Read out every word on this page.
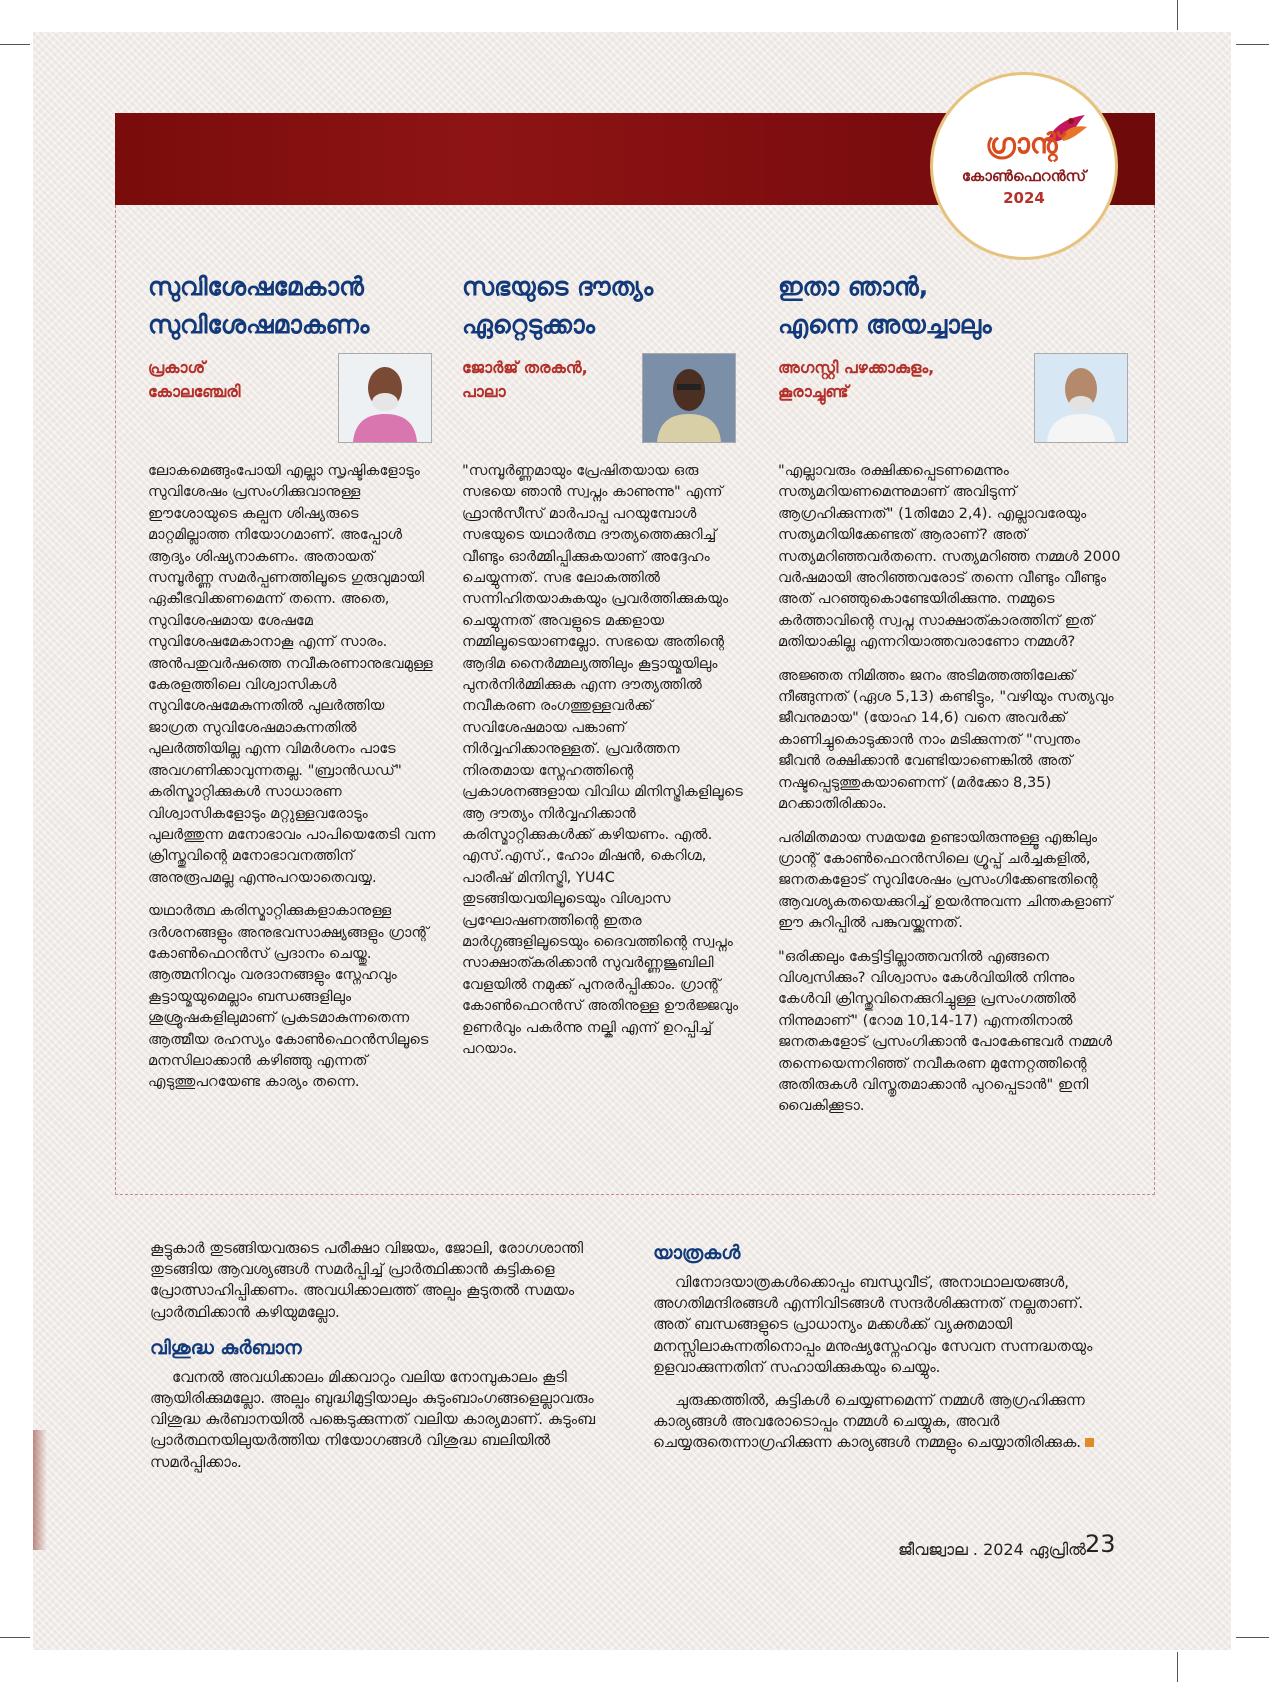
ഗ്രാന്റ്
കോൺഫെറൻസ്
2024
സുവിശേഷമേകാൻ
സുവിശേഷമാകണം
പ്രകാശ്
കോലഞ്ചേരി

ലോകമെങ്ങുംപോയി എല്ലാ സൃഷ്ടികളോടും സുവിശേഷം പ്രസംഗിക്കുവാനുള്ള ഈശോയുടെ കല്പന ശിഷ്യരുടെ മാറ്റമില്ലാത്ത നിയോഗമാണ്. അപ്പോൾ ആദ്യം ശിഷ്യനാകണം. അതായത് സമ്പൂർണ്ണ സമർപ്പണത്തിലൂടെ ഗുരുവുമായി ഏകീഭവിക്കണമെന്ന് തന്നെ. അതെ, സുവിശേഷമായ ശേഷമേ സുവിശേഷമേകാനാകൂ എന്ന് സാരം. അൻപതുവർഷത്തെ നവീകരണാനുഭവമുള്ള കേരളത്തിലെ വിശ്വാസികൾ സുവിശേഷമേകുന്നതിൽ പുലർത്തിയ ജാഗ്രത സുവിശേഷമാകുന്നതിൽ പുലർത്തിയില്ല എന്ന വിമർശനം പാടേ അവഗണിക്കാവുന്നതല്ല. "ബ്രാൻഡഡ്" കരിസ്മാറ്റിക്കുകൾ സാധാരണ വിശ്വാസികളോടും മറ്റുള്ളവരോടും പുലർത്തുന്ന മനോഭാവം പാപിയെതേടി വന്ന ക്രിസ്തുവിന്റെ മനോഭാവനത്തിന് അനുരൂപമല്ല എന്നുപറയാതെവയ്യ.

യഥാർത്ഥ കരിസ്മാറ്റിക്കുകളാകാനുള്ള ദർശനങ്ങളും അനുഭവസാക്ഷ്യങ്ങളും ഗ്രാന്റ് കോൺഫെറൻസ് പ്രദാനം ചെയ്തു. ആത്മനിറവും വരദാനങ്ങളും സ്നേഹവും കൂട്ടായ്മയുമെല്ലാം ബന്ധങ്ങളിലും ശുശ്രൂഷകളിലുമാണ് പ്രകടമാകുന്നതെന്ന ആത്മീയ രഹസ്യം കോൺഫെറൻസിലൂടെ മനസിലാക്കാൻ കഴിഞ്ഞു എന്നത് എടുത്തുപറയേണ്ട കാര്യം തന്നെ.

സഭയുടെ ദൗത്യം
ഏറ്റെടുക്കാം
ജോർജ് തരകൻ,
പാലാ

"സമ്പൂർണ്ണമായും പ്രേഷിതയായ ഒരു സഭയെ ഞാൻ സ്വപ്നം കാണുന്നു" എന്ന് ഫ്രാൻസീസ് മാർപാപ്പ പറയുമ്പോൾ സഭയുടെ യഥാർത്ഥ ദൗത്യത്തെക്കുറിച്ച് വീണ്ടും ഓർമ്മിപ്പിക്കുകയാണ് അദ്ദേഹം ചെയ്യുന്നത്. സഭ ലോകത്തിൽ സന്നിഹിതയാകുകയും പ്രവർത്തിക്കുകയും ചെയ്യുന്നത് അവളുടെ മക്കളായ നമ്മിലൂടെയാണല്ലോ. സഭയെ അതിന്റെ ആദിമ നൈർമ്മല്യത്തിലും കൂട്ടായ്മയിലും പുനർനിർമ്മിക്കുക എന്ന ദൗത്യത്തിൽ നവീകരണ രംഗത്തുള്ളവർക്ക് സവിശേഷമായ പങ്കാണ് നിർവ്വഹിക്കാനുള്ളത്. പ്രവർത്തന നിരതമായ സ്നേഹത്തിന്റെ പ്രകാശനങ്ങളായ വിവിധ മിനിസ്ട്രികളിലൂടെ ആ ദൗത്യം നിർവ്വഹിക്കാൻ കരിസ്മാറ്റിക്കുകൾക്ക് കഴിയണം. എൽ. എസ്.എസ്., ഹോം മിഷൻ, കെറിഗ്മ, പാരീഷ് മിനിസ്ട്രി, YU4C തുടങ്ങിയവയിലൂടെയും വിശ്വാസ പ്രഘോഷണത്തിന്റെ ഇതര മാർഗ്ഗങ്ങളിലൂടെയും ദൈവത്തിന്റെ സ്വപ്നം സാക്ഷാത്കരിക്കാൻ സുവർണ്ണജൂബിലി വേളയിൽ നമുക്ക് പുനരർപ്പിക്കാം. ഗ്രാന്റ് കോൺഫെറൻസ് അതിനുള്ള ഊർജ്ജവും ഉണർവും പകർന്നു നല്കി എന്ന് ഉറപ്പിച്ച് പറയാം.

ഇതാ ഞാൻ,
എന്നെ അയച്ചാലും
അഗസ്റ്റി പഴക്കാകുളം,
കൂരാച്ചുണ്ട്

"എല്ലാവരും രക്ഷിക്കപ്പെടണമെന്നും സത്യമറിയണമെന്നുമാണ് അവിടുന്ന് ആഗ്രഹിക്കുന്നത്" (1തിമോ 2,4). എല്ലാവരേയും സത്യമറിയിക്കേണ്ടത് ആരാണ്? അത് സത്യമറിഞ്ഞവർതന്നെ. സത്യമറിഞ്ഞ നമ്മൾ 2000 വർഷമായി അറിഞ്ഞവരോട് തന്നെ വീണ്ടും വീണ്ടും അത് പറഞ്ഞുകൊണ്ടേയിരിക്കുന്നു. നമ്മുടെ കർത്താവിന്റെ സ്വപ്ന സാക്ഷാത്കാരത്തിന് ഇത് മതിയാകില്ല എന്നറിയാത്തവരാണോ നമ്മൾ?

അജ്ഞത നിമിത്തം ജനം അടിമത്തത്തിലേക്ക് നീങ്ങുന്നത് (ഏശ 5,13) കണ്ടിട്ടും, "വഴിയും സത്യവും ജീവനുമായ" (യോഹ 14,6) വനെ അവർക്ക് കാണിച്ചുകൊടുക്കാൻ നാം മടിക്കുന്നത് "സ്വന്തം ജീവൻ രക്ഷിക്കാൻ വേണ്ടിയാണെങ്കിൽ അത് നഷ്ടപ്പെടുത്തുകയാണെന്ന് (മർക്കോ 8,35) മറക്കാതിരിക്കാം.

പരിമിതമായ സമയമേ ഉണ്ടായിരുന്നുള്ളൂ എങ്കിലും ഗ്രാന്റ് കോൺഫെറൻസിലെ ഗ്രൂപ്പ് ചർച്ചകളിൽ, ജനതകളോട് സുവിശേഷം പ്രസംഗിക്കേണ്ടതിന്റെ ആവശ്യകതയെക്കുറിച്ച് ഉയർന്നുവന്ന ചിന്തകളാണ് ഈ കുറിപ്പിൽ പങ്കുവയ്ക്കുന്നത്.

"ഒരിക്കലും കേട്ടിട്ടില്ലാത്തവനിൽ എങ്ങനെ വിശ്വസിക്കും? വിശ്വാസം കേൾവിയിൽ നിന്നും കേൾവി ക്രിസ്തുവിനെക്കുറിച്ചുള്ള പ്രസംഗത്തിൽ നിന്നുമാണ്" (റോമ 10,14-17) എന്നതിനാൽ ജനതകളോട് പ്രസംഗിക്കാൻ പോകേണ്ടവർ നമ്മൾ തന്നെയെന്നറിഞ്ഞ് നവീകരണ മുന്നേറ്റത്തിന്റെ അതിരുകൾ വിസ്തൃതമാക്കാൻ പുറപ്പെടാൻ" ഇനി വൈകിക്കൂടാ.

കൂട്ടുകാർ തുടങ്ങിയവരുടെ പരീക്ഷാ വിജയം, ജോലി, രോഗശാന്തി തുടങ്ങിയ ആവശ്യങ്ങൾ സമർപ്പിച്ച് പ്രാർത്ഥിക്കാൻ കുട്ടികളെ പ്രോത്സാഹിപ്പിക്കണം. അവധിക്കാലത്ത് അല്പം കൂടുതൽ സമയം പ്രാർത്ഥിക്കാൻ കഴിയുമല്ലോ.

വിശുദ്ധ കുർബാന

വേനൽ അവധിക്കാലം മിക്കവാറും വലിയ നോമ്പുകാലം കൂടി ആയിരിക്കുമല്ലോ. അല്പം ബുദ്ധിമുട്ടിയാലും കുടുംബാംഗങ്ങളെല്ലാവരും വിശുദ്ധ കുർബാനയിൽ പങ്കെടുക്കുന്നത് വലിയ കാര്യമാണ്. കുടുംബ പ്രാർത്ഥനയിലുയർത്തിയ നിയോഗങ്ങൾ വിശുദ്ധ ബലിയിൽ സമർപ്പിക്കാം.

യാത്രകൾ

വിനോദയാത്രകൾക്കൊപ്പം ബന്ധുവീട്, അനാഥാലയങ്ങൾ, അഗതിമന്ദിരങ്ങൾ എന്നിവിടങ്ങൾ സന്ദർശിക്കുന്നത് നല്ലതാണ്. അത് ബന്ധങ്ങളുടെ പ്രാധാന്യം മക്കൾക്ക് വ്യക്തമായി മനസ്സിലാകുന്നതിനൊപ്പം മനുഷ്യസ്നേഹവും സേവന സന്നദ്ധതയും ഉളവാക്കുന്നതിന് സഹായിക്കുകയും ചെയ്യും.

ചുരുക്കത്തിൽ, കുട്ടികൾ ചെയ്യണമെന്ന് നമ്മൾ ആഗ്രഹിക്കുന്ന കാര്യങ്ങൾ അവരോടൊപ്പം നമ്മൾ ചെയ്യുക, അവർ ചെയ്യരുതെന്നാഗ്രഹിക്കുന്ന കാര്യങ്ങൾ നമ്മളും ചെയ്യാതിരിക്കുക.

ജീവജ്വാല . 2024 ഏപ്രിൽ 23
